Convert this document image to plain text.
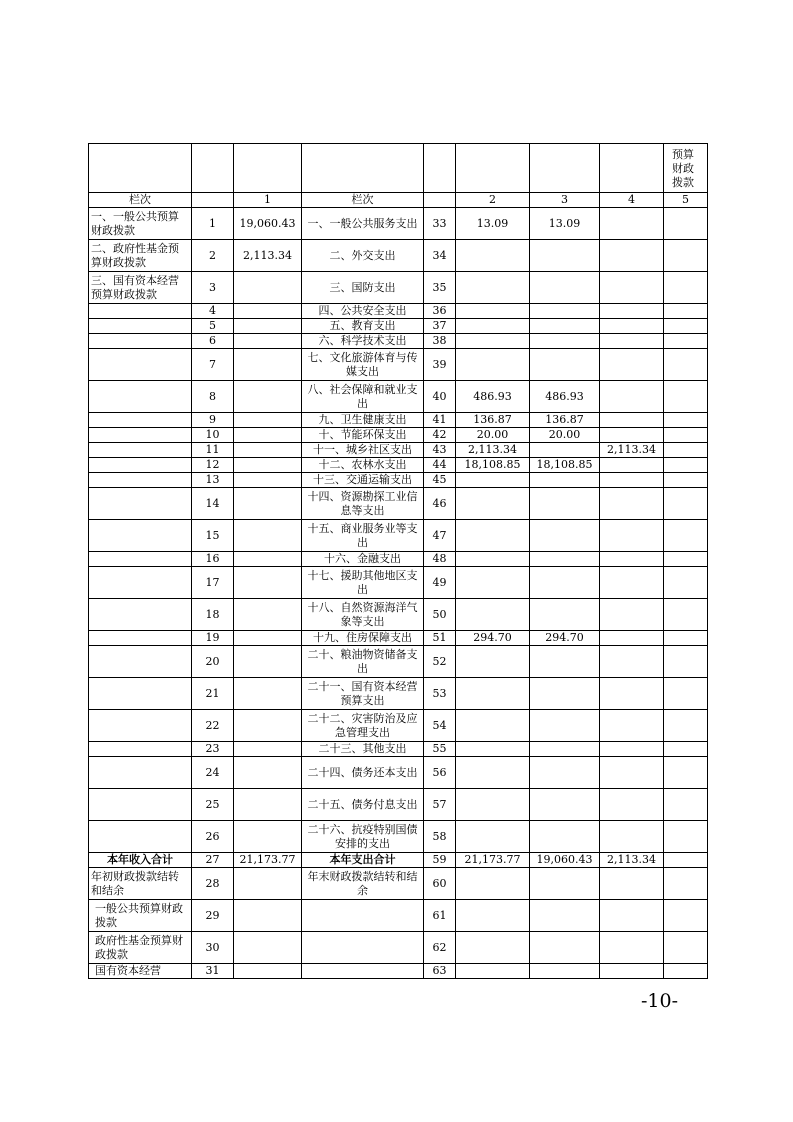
								预算财政拨款

栏次		1	栏次		2	3	4	5
一、一般公共预算财政拨款	1	19,060.43	一、一般公共服务支出	33	13.09	13.09		
二、政府性基金预算财政拨款	2	2,113.34	二、外交支出	34				
三、国有资本经营预算财政拨款	3		三、国防支出	35				
	4		四、公共安全支出	36				
	5		五、教育支出	37				
	6		六、科学技术支出	38				
	7		七、文化旅游体育与传媒支出	39				
	8		八、社会保障和就业支出	40	486.93	486.93		
	9		九、卫生健康支出	41	136.87	136.87		
	10		十、节能环保支出	42	20.00	20.00		
	11		十一、城乡社区支出	43	2,113.34		2,113.34	
	12		十二、农林水支出	44	18,108.85	18,108.85		
	13		十三、交通运输支出	45				
	14		十四、资源勘探工业信息等支出	46				
	15		十五、商业服务业等支出	47				
	16		十六、金融支出	48				
	17		十七、援助其他地区支出	49				
	18		十八、自然资源海洋气象等支出	50				
	19		十九、住房保障支出	51	294.70	294.70		
	20		二十、粮油物资储备支出	52				
	21		二十一、国有资本经营预算支出	53				
	22		二十二、灾害防治及应急管理支出	54				
	23		二十三、其他支出	55				
	24		二十四、债务还本支出	56				
	25		二十五、债务付息支出	57				
	26		二十六、抗疫特别国债安排的支出	58				
本年收入合计	27	21,173.77	本年支出合计	59	21,173.77	19,060.43	2,113.34	
年初财政拨款结转和结余	28		年末财政拨款结转和结余	60				
一般公共预算财政拨款	29			61				
政府性基金预算财政拨款	30			62				
国有资本经营	31			63				
-10-
